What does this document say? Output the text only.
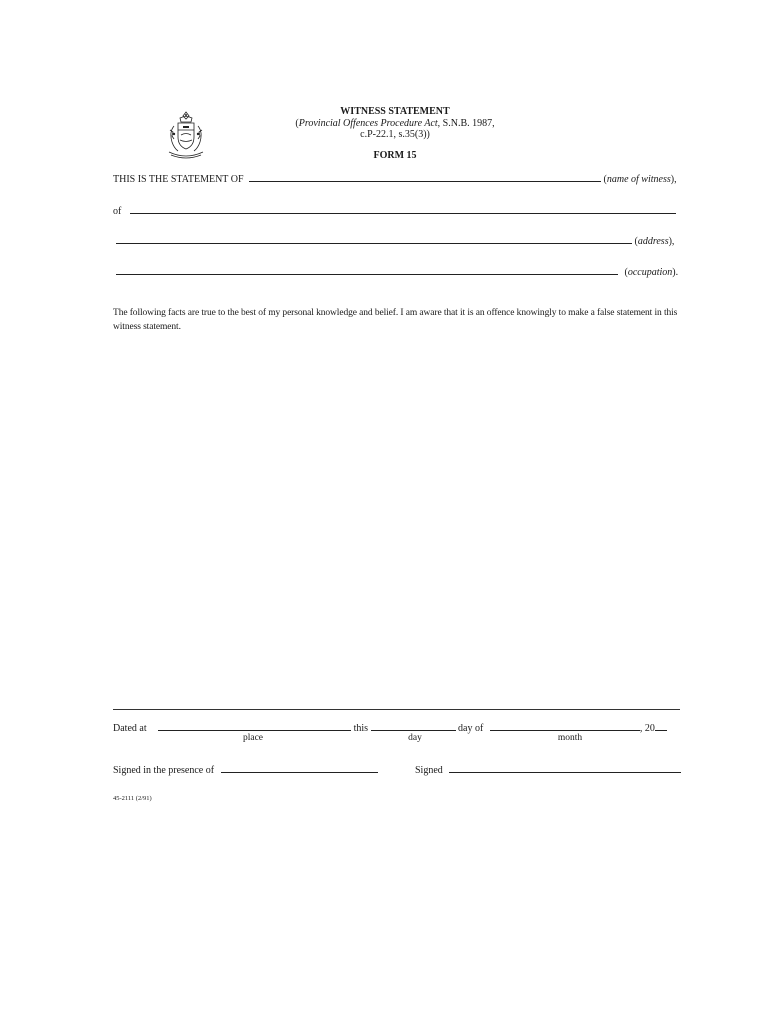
WITNESS STATEMENT
(Provincial Offences Procedure Act, S.N.B. 1987,
c.P-22.1, s.35(3))
FORM 15
THIS IS THE STATEMENT OF	(name of witness),
of
(address),
(occupation).
The following facts are true to the best of my personal knowledge and belief. I am aware that it is an offence knowingly to make a false statement in this witness statement.
Dated at	this	day of	, 20
place	day	month
Signed in the presence of	Signed
45-2111 (2/91)
